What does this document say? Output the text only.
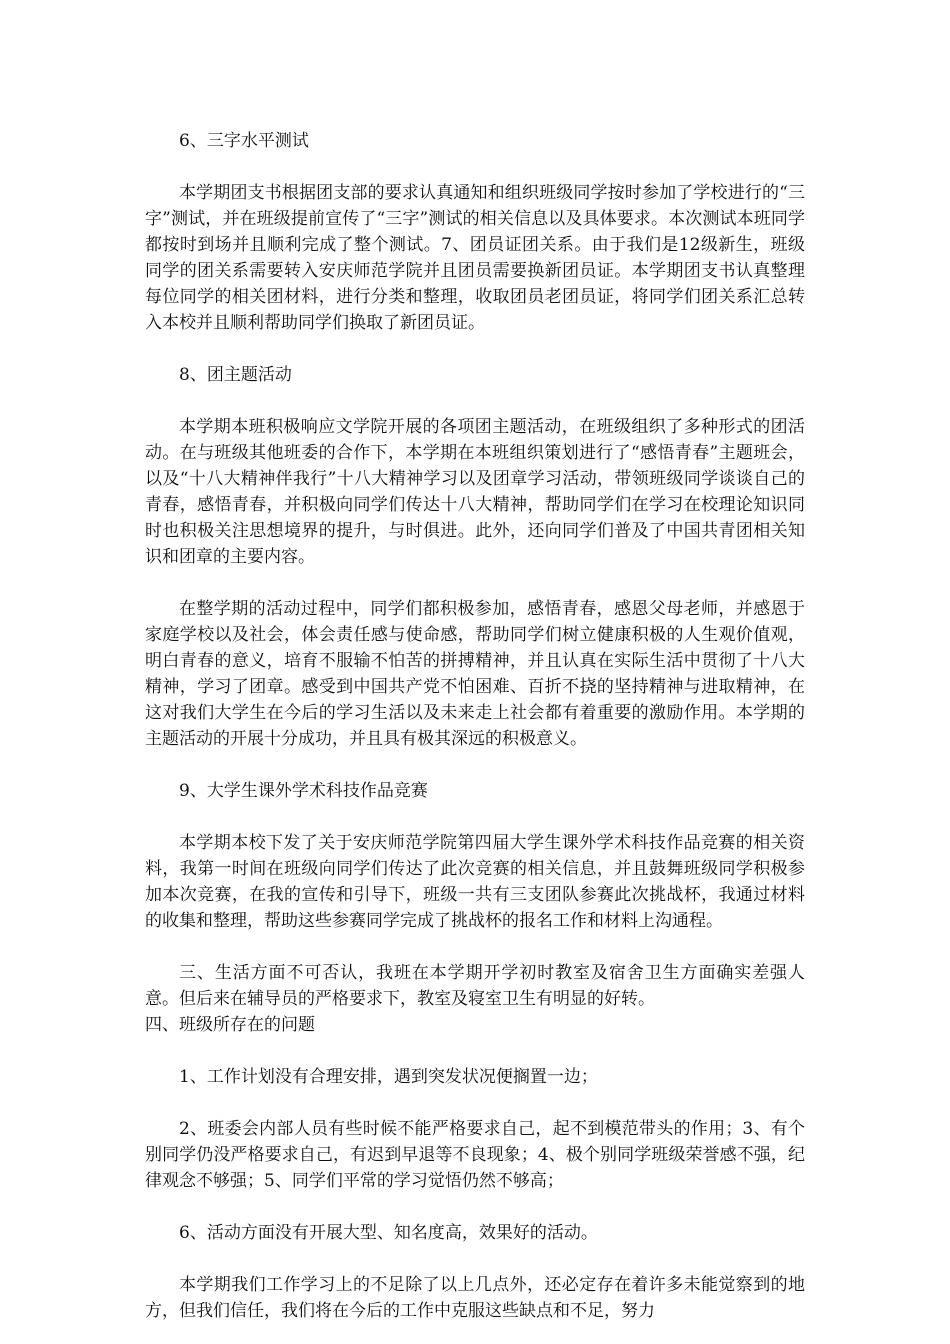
6、三字水平测试

本学期团支书根据团支部的要求认真通知和组织班级同学按时参加了学校进行的“三字”测试，并在班级提前宣传了“三字”测试的相关信息以及具体要求。本次测试本班同学都按时到场并且顺利完成了整个测试。7、团员证团关系。由于我们是12级新生，班级同学的团关系需要转入安庆师范学院并且团员需要换新团员证。本学期团支书认真整理每位同学的相关团材料，进行分类和整理，收取团员老团员证，将同学们团关系汇总转入本校并且顺利帮助同学们换取了新团员证。

8、团主题活动

本学期本班积极响应文学院开展的各项团主题活动，在班级组织了多种形式的团活动。在与班级其他班委的合作下，本学期在本班组织策划进行了“感悟青春”主题班会，以及“十八大精神伴我行”十八大精神学习以及团章学习活动，带领班级同学谈谈自己的青春，感悟青春，并积极向同学们传达十八大精神，帮助同学们在学习在校理论知识同时也积极关注思想境界的提升，与时俱进。此外，还向同学们普及了中国共青团相关知识和团章的主要内容。

在整学期的活动过程中，同学们都积极参加，感悟青春，感恩父母老师，并感恩于家庭学校以及社会，体会责任感与使命感，帮助同学们树立健康积极的人生观价值观，明白青春的意义，培育不服输不怕苦的拼搏精神，并且认真在实际生活中贯彻了十八大精神，学习了团章。感受到中国共产党不怕困难、百折不挠的坚持精神与进取精神，在这对我们大学生在今后的学习生活以及未来走上社会都有着重要的激励作用。本学期的主题活动的开展十分成功，并且具有极其深远的积极意义。

9、大学生课外学术科技作品竞赛

本学期本校下发了关于安庆师范学院第四届大学生课外学术科技作品竞赛的相关资料，我第一时间在班级向同学们传达了此次竞赛的相关信息，并且鼓舞班级同学积极参加本次竞赛，在我的宣传和引导下，班级一共有三支团队参赛此次挑战杯，我通过材料的收集和整理，帮助这些参赛同学完成了挑战杯的报名工作和材料上沟通程。

三、生活方面不可否认，我班在本学期开学初时教室及宿舍卫生方面确实差强人意。但后来在辅导员的严格要求下，教室及寝室卫生有明显的好转。

四、班级所存在的问题

1、工作计划没有合理安排，遇到突发状况便搁置一边；

2、班委会内部人员有些时候不能严格要求自己，起不到模范带头的作用；3、有个别同学仍没严格要求自己，有迟到早退等不良现象；4、极个别同学班级荣誉感不强，纪律观念不够强；5、同学们平常的学习觉悟仍然不够高；

6、活动方面没有开展大型、知名度高，效果好的活动。

本学期我们工作学习上的不足除了以上几点外，还必定存在着许多未能觉察到的地方，但我们信任，我们将在今后的工作中克服这些缺点和不足，努力
